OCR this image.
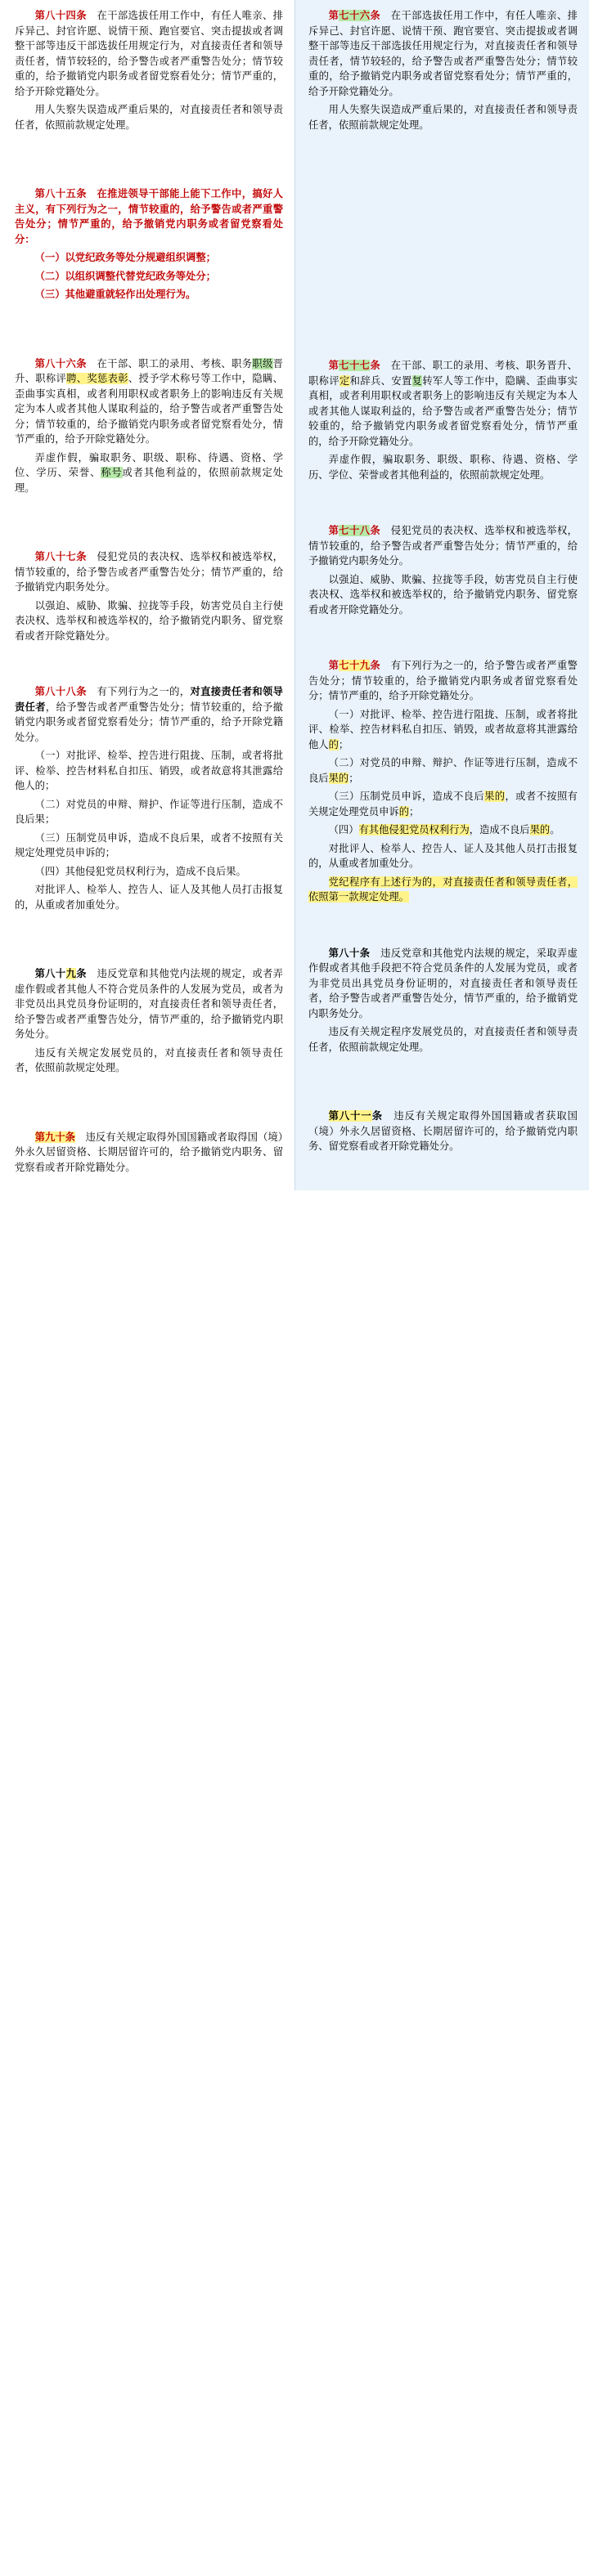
第八十四条　在干部选拔任用工作中，有任人唯亲、排斥异己、封官许愿、说情干预、跑官要官、突击提拔或者调整干部等违反干部选拔任用规定行为，对直接责任者和领导责任者，情节较轻的，给予警告或者严重警告处分；情节较重的，给予撤销党内职务或者留党察看处分；情节严重的，给予开除党籍处分。

用人失察失误造成严重后果的，对直接责任者和领导责任者，依照前款规定处理。

第八十五条　在推进领导干部能上能下工作中，搞好人主义，有下列行为之一，情节较重的，给予警告或者严重警告处分；情节严重的，给予撤销党内职务或者留党察看处分：

（一）以党纪政务等处分规避组织调整；

（二）以组织调整代替党纪政务等处分；

（三）其他避重就轻作出处理行为。

第八十六条　在干部、职工的录用、考核、职务职级晋升、职称评聘、奖惩表彰、授予学术称号等工作中，隐瞒、歪曲事实真相，或者利用职权或者职务上的影响违反有关规定为本人或者其他人谋取利益的，给予警告或者严重警告处分；情节较重的，给予撤销党内职务或者留党察看处分，情节严重的，给予开除党籍处分。

弄虚作假，骗取职务、职级、职称、待遇、资格、学位、学历、荣誉、称号或者其他利益的，依照前款规定处理。

第八十七条　侵犯党员的表决权、选举权和被选举权，情节较重的，给予警告或者严重警告处分；情节严重的，给予撤销党内职务处分。

以强迫、威胁、欺骗、拉拢等手段，妨害党员自主行使表决权、选举权和被选举权的，给予撤销党内职务、留党察看或者开除党籍处分。

第八十八条　有下列行为之一的，对直接责任者和领导责任者，给予警告或者严重警告处分；情节较重的，给予撤销党内职务或者留党察看处分；情节严重的，给予开除党籍处分。

（一）对批评、检举、控告进行阻拢、压制，或者将批评、检举、控告材料私自扣压、销毁，或者故意将其泄露给他人的；

（二）对党员的申辩、辩护、作证等进行压制，造成不良后果；

（三）压制党员申诉，造成不良后果，或者不按照有关规定处理党员申诉的；

（四）其他侵犯党员权利行为，造成不良后果。

对批评人、检举人、控告人、证人及其他人员打击报复的，从重或者加重处分。

第八十九条　违反党章和其他党内法规的规定，或者弄虚作假或者其他人不符合党员条件的人发展为党员，或者为非党员出具党员身份证明的，对直接责任者和领导责任者，给予警告或者严重警告处分，情节严重的，给予撤销党内职务处分。

违反有关规定发展党员的，对直接责任者和领导责任者，依照前款规定处理。

第九十条　违反有关规定取得外国国籍或者取得国（境）外永久居留资格、长期居留许可的，给予撤销党内职务、留党察看或者开除党籍处分。

第七十六条　在干部选拔任用工作中，有任人唯亲、排斥异己、封官许愿、说情干预、跑官要官、突击提拔或者调整干部等违反干部选拔任用规定行为，对直接责任者和领导责任者，情节较轻的，给予警告或者严重警告处分；情节较重的，给予撤销党内职务或者留党察看处分；情节严重的，给予开除党籍处分。

用人失察失误造成严重后果的，对直接责任者和领导责任者，依照前款规定处理。

第七十七条　在干部、职工的录用、考核、职务晋升、职称评定和辞兵、安置复转军人等工作中，隐瞒、歪曲事实真相，或者利用职权或者职务上的影响违反有关规定为本人或者其他人谋取利益的，给予警告或者严重警告处分；情节较重的，给予撤销党内职务或者留党察看处分，情节严重的，给予开除党籍处分。

弄虚作假，骗取职务、职级、职称、待遇、资格、学历、学位、荣誉或者其他利益的，依照前款规定处理。

第七十八条　侵犯党员的表决权、选举权和被选举权，情节较重的，给予警告或者严重警告处分；情节严重的，给予撤销党内职务处分。

以强迫、威胁、欺骗、拉拢等手段，妨害党员自主行使表决权、选举权和被选举权的，给予撤销党内职务、留党察看或者开除党籍处分。

第七十九条　有下列行为之一的，给予警告或者严重警告处分；情节较重的，给予撤销党内职务或者留党察看处分；情节严重的，给予开除党籍处分。

（一）对批评、检举、控告进行阻拢、压制，或者将批评、检举、控告材料私自扣压、销毁，或者故意将其泄露给他人的；

（二）对党员的申辩、辩护、作证等进行压制，造成不良后果的；

（三）压制党员申诉，造成不良后果的，或者不按照有关规定处理党员申诉的；

（四）有其他侵犯党员权利行为，造成不良后果的。

对批评人、检举人、控告人、证人及其他人员打击报复的，从重或者加重处分。

党纪程序有上述行为的，对直接责任者和领导责任者，依照第一款规定处理。

第八十条　违反党章和其他党内法规的规定，采取弄虚作假或者其他手段把不符合党员条件的人发展为党员，或者为非党员出具党员身份证明的，对直接责任者和领导责任者，给予警告或者严重警告处分，情节严重的，给予撤销党内职务处分。

违反有关规定程序发展党员的，对直接责任者和领导责任者，依照前款规定处理。

第八十一条　违反有关规定取得外国国籍或者获取国（境）外永久居留资格、长期居留许可的，给予撤销党内职务、留党察看或者开除党籍处分。
